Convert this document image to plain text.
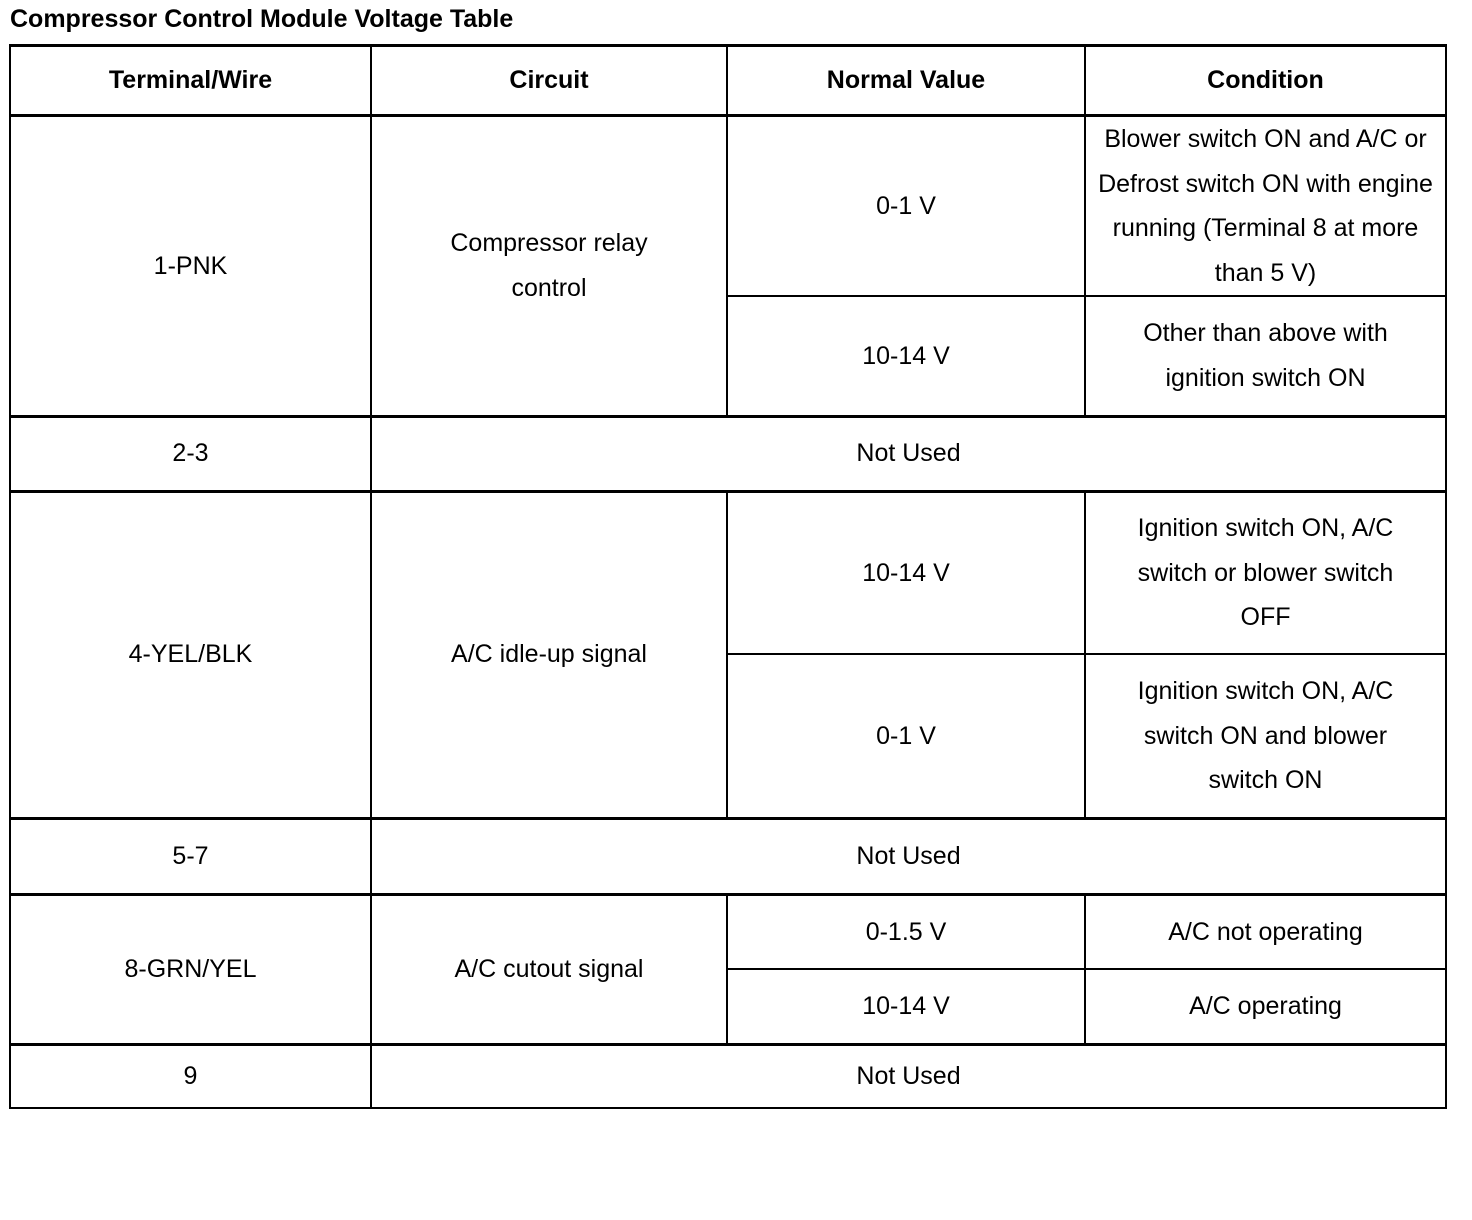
Compressor Control Module Voltage Table
Terminal/Wire	Circuit	Normal Value	Condition
1-PNK	Compressor relay control	0-1 V	Blower switch ON and A/C or Defrost switch ON with engine running (Terminal 8 at more than 5 V)
		10-14 V	Other than above with ignition switch ON
2-3	Not Used		
4-YEL/BLK	A/C idle-up signal	10-14 V	Ignition switch ON, A/C switch or blower switch OFF
		0-1 V	Ignition switch ON, A/C switch ON and blower switch ON
5-7	Not Used		
8-GRN/YEL	A/C cutout signal	0-1.5 V	A/C not operating
		10-14 V	A/C operating
9	Not Used		
